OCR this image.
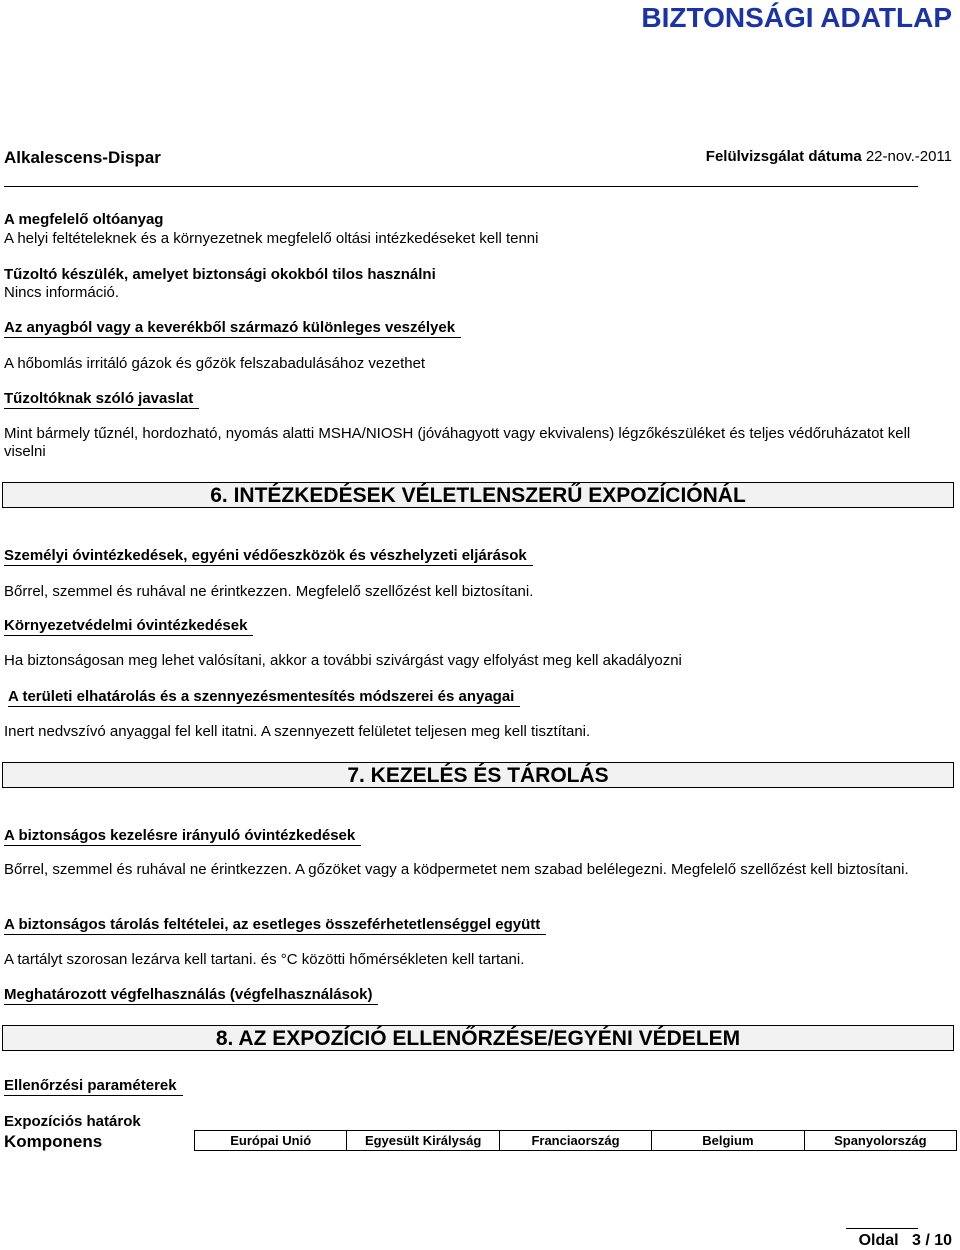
BIZTONSÁGI ADATLAP
Alkalescens-Dispar	Felülvizsgálat dátuma 22-nov.-2011
A megfelelő oltóanyag
A helyi feltételeknek és a környezetnek megfelelő oltási intézkedéseket kell tenni
Tűzoltó készülék, amelyet biztonsági okokból tilos használni
Nincs információ.
Az anyagból vagy a keverékből származó különleges veszélyek
A hőbomlás irritáló gázok és gőzök felszabadulásához vezethet
Tűzoltóknak szóló javaslat
Mint bármely tűznél, hordozható, nyomás alatti MSHA/NIOSH (jóváhagyott vagy ekvivalens) légzőkészüléket és teljes védőruházatot kell viselni
6. INTÉZKEDÉSEK VÉLETLENSZERŰ EXPOZÍCIÓNÁL
Személyi óvintézkedések, egyéni védőeszközök és vészhelyzeti eljárások
Bőrrel, szemmel és ruhával ne érintkezzen. Megfelelő szellőzést kell biztosítani.
Környezetvédelmi óvintézkedések
Ha biztonságosan meg lehet valósítani, akkor a további szivárgást vagy elfolyást meg kell akadályozni
A területi elhatárolás és a szennyezésmentesítés módszerei és anyagai
Inert nedvszívó anyaggal fel kell itatni. A szennyezett felületet teljesen meg kell tisztítani.
7. KEZELÉS ÉS TÁROLÁS
A biztonságos kezelésre irányuló óvintézkedések
Bőrrel, szemmel és ruhával ne érintkezzen. A gőzöket vagy a ködpermetet nem szabad belélegezni. Megfelelő szellőzést kell biztosítani.
A biztonságos tárolás feltételei, az esetleges összeférhetetlenséggel együtt
A tartályt szorosan lezárva kell tartani. és °C közötti hőmérsékleten kell tartani.
Meghatározott végfelhasználás (végfelhasználások)
8. AZ EXPOZÍCIÓ ELLENŐRZÉSE/EGYÉNI VÉDELEM
Ellenőrzési paraméterek
Expozíciós határok
Komponens	Európai Unió	Egyesült Királyság	Franciaország	Belgium	Spanyolország
Oldal 3 / 10
